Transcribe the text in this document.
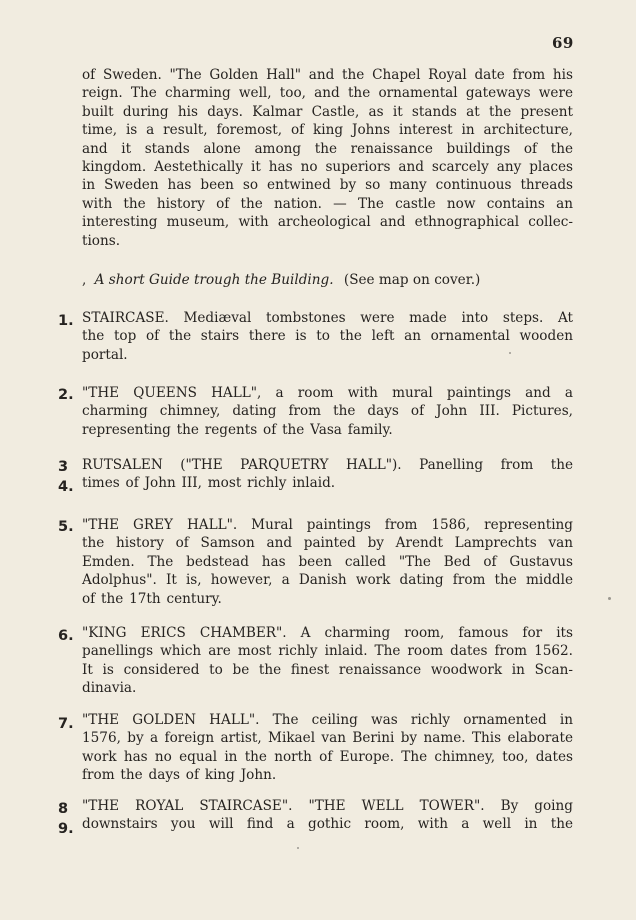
69
of Sweden. "The Golden Hall" and the Chapel Royal date from his
reign. The charming well, too, and the ornamental gateways were
built during his days. Kalmar Castle, as it stands at the present
time, is a result, foremost, of king Johns interest in architecture,
and it stands alone among the renaissance buildings of the
kingdom. Aestethically it has no superiors and scarcely any places
in Sweden has been so entwined by so many continuous threads
with the history of the nation. — The castle now contains an
interesting museum, with archeological and ethnographical collec-
tions.
, A short Guide trough the Building. (See map on cover.)
1. STAIRCASE. Mediæval tombstones were made into steps. At
the top of the stairs there is to the left an ornamental wooden
portal.
2. "THE QUEENS HALL", a room with mural paintings and a
charming chimney, dating from the days of John III. Pictures,
representing the regents of the Vasa family.
3
4.
RUTSALEN ("THE PARQUETRY HALL"). Panelling from the
times of John III, most richly inlaid.
5. "THE GREY HALL". Mural paintings from 1586, representing
the history of Samson and painted by Arendt Lamprechts van
Emden. The bedstead has been called "The Bed of Gustavus
Adolphus". It is, however, a Danish work dating from the middle
of the 17th century.
6. "KING ERICS CHAMBER". A charming room, famous for its
panellings which are most richly inlaid. The room dates from 1562.
It is considered to be the finest renaissance woodwork in Scan-
dinavia.
7. "THE GOLDEN HALL". The ceiling was richly ornamented in
1576, by a foreign artist, Mikael van Berini by name. This elaborate
work has no equal in the north of Europe. The chimney, too, dates
from the days of king John.
8
9.
"THE ROYAL STAIRCASE". "THE WELL TOWER". By going
downstairs you will find a gothic room, with a well in the
